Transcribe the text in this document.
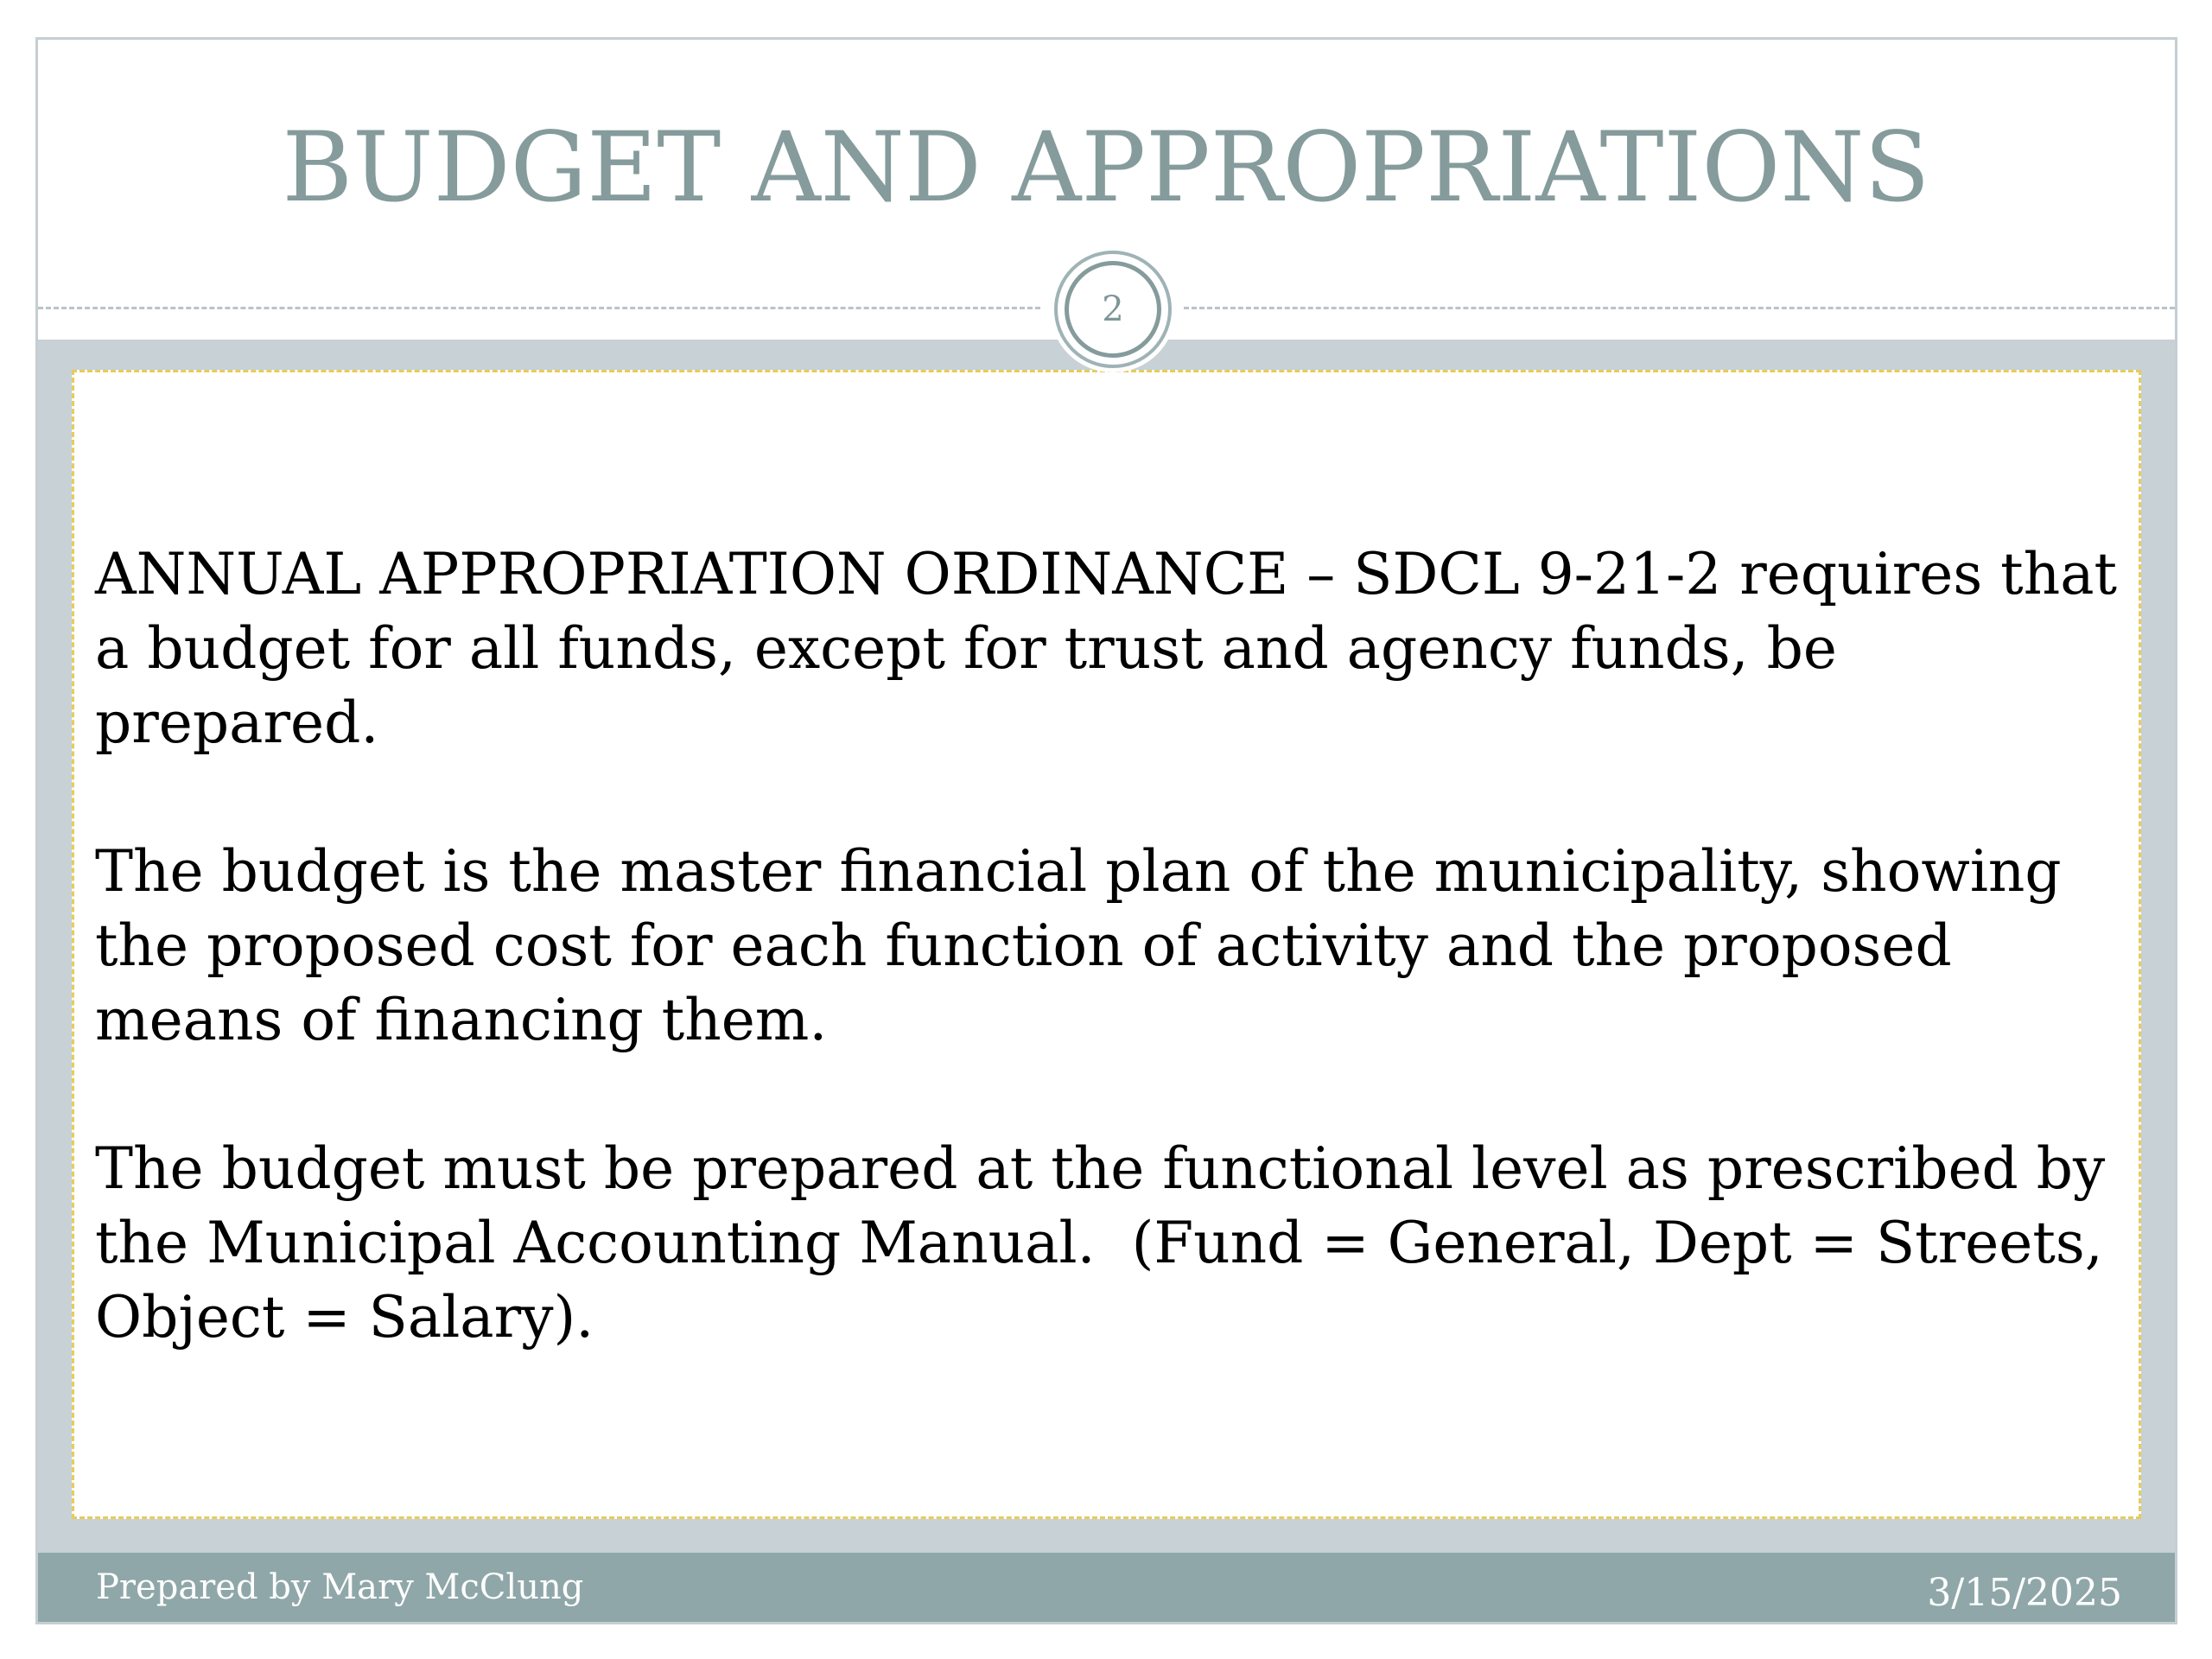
BUDGET AND APPROPRIATIONS
2

ANNUAL APPROPRIATION ORDINANCE – SDCL 9-21-2 requires that a budget for all funds, except for trust and agency funds, be prepared.

The budget is the master financial plan of the municipality, showing the proposed cost for each function of activity and the proposed means of financing them.

The budget must be prepared at the functional level as prescribed by the Municipal Accounting Manual.  (Fund = General, Dept = Streets, Object = Salary).

Prepared by Mary McClung	3/15/2025
